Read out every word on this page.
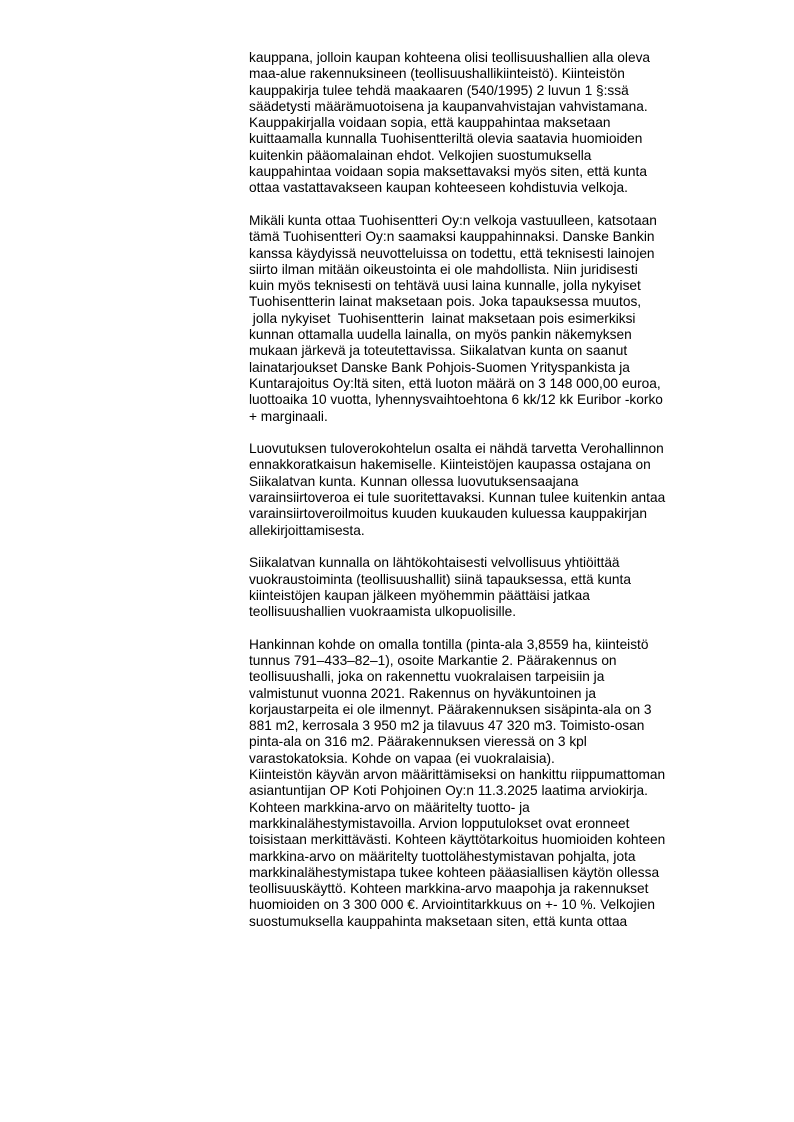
kauppana, jolloin kaupan kohteena olisi teollisuushallien alla oleva
maa-alue rakennuksineen (teollisuushallikiinteistö). Kiinteistön
kauppakirja tulee tehdä maakaaren (540/1995) 2 luvun 1 §:ssä
säädetysti määrämuotoisena ja kaupanvahvistajan vahvistamana.
Kauppakirjalla voidaan sopia, että kauppahintaa maksetaan
kuittaamalla kunnalla Tuohisentteriltä olevia saatavia huomioiden
kuitenkin pääomalainan ehdot. Velkojien suostumuksella
kauppahintaa voidaan sopia maksettavaksi myös siten, että kunta
ottaa vastattavakseen kaupan kohteeseen kohdistuvia velkoja.
Mikäli kunta ottaa Tuohisentteri Oy:n velkoja vastuulleen, katsotaan
tämä Tuohisentteri Oy:n saamaksi kauppahinnaksi. Danske Bankin
kanssa käydyissä neuvotteluissa on todettu, että teknisesti lainojen
siirto ilman mitään oikeustointa ei ole mahdollista. Niin juridisesti
kuin myös teknisesti on tehtävä uusi laina kunnalle, jolla nykyiset
Tuohisentterin lainat maksetaan pois. Joka tapauksessa muutos,
jolla nykyiset  Tuohisentterin  lainat maksetaan pois esimerkiksi
kunnan ottamalla uudella lainalla, on myös pankin näkemyksen
mukaan järkevä ja toteutettavissa. Siikalatvan kunta on saanut
lainatarjoukset Danske Bank Pohjois-Suomen Yrityspankista ja
Kuntarajoitus Oy:ltä siten, että luoton määrä on 3 148 000,00 euroa,
luottoaika 10 vuotta, lyhennysvaihtoehtona 6 kk/12 kk Euribor -korko
+ marginaali.
Luovutuksen tuloverokohtelun osalta ei nähdä tarvetta Verohallinnon
ennakkoratkaisun hakemiselle. Kiinteistöjen kaupassa ostajana on
Siikalatvan kunta. Kunnan ollessa luovutuksensaajana
varainsiirtoveroa ei tule suoritettavaksi. Kunnan tulee kuitenkin antaa
varainsiirtoveroilmoitus kuuden kuukauden kuluessa kauppakirjan
allekirjoittamisesta.
Siikalatvan kunnalla on lähtökohtaisesti velvollisuus yhtiöittää
vuokraustoiminta (teollisuushallit) siinä tapauksessa, että kunta
kiinteistöjen kaupan jälkeen myöhemmin päättäisi jatkaa
teollisuushallien vuokraamista ulkopuolisille.
Hankinnan kohde on omalla tontilla (pinta-ala 3,8559 ha, kiinteistö
tunnus 791–433–82–1), osoite Markantie 2. Päärakennus on
teollisuushalli, joka on rakennettu vuokralaisen tarpeisiin ja
valmistunut vuonna 2021. Rakennus on hyväkuntoinen ja
korjaustarpeita ei ole ilmennyt. Päärakennuksen sisäpinta-ala on 3
881 m2, kerrosala 3 950 m2 ja tilavuus 47 320 m3. Toimisto-osan
pinta-ala on 316 m2. Päärakennuksen vieressä on 3 kpl
varastokatoksia. Kohde on vapaa (ei vuokralaisia).
Kiinteistön käyvän arvon määrittämiseksi on hankittu riippumattoman
asiantuntijan OP Koti Pohjoinen Oy:n 11.3.2025 laatima arviokirja.
Kohteen markkina-arvo on määritelty tuotto- ja
markkinalähestymistavoilla. Arvion lopputulokset ovat eronneet
toisistaan merkittävästi. Kohteen käyttötarkoitus huomioiden kohteen
markkina-arvo on määritelty tuottolähestymistavan pohjalta, jota
markkinalähestymistapa tukee kohteen pääasiallisen käytön ollessa
teollisuuskäyttö. Kohteen markkina-arvo maapohja ja rakennukset
huomioiden on 3 300 000 €. Arviointitarkkuus on +- 10 %. Velkojien
suostumuksella kauppahinta maksetaan siten, että kunta ottaa
